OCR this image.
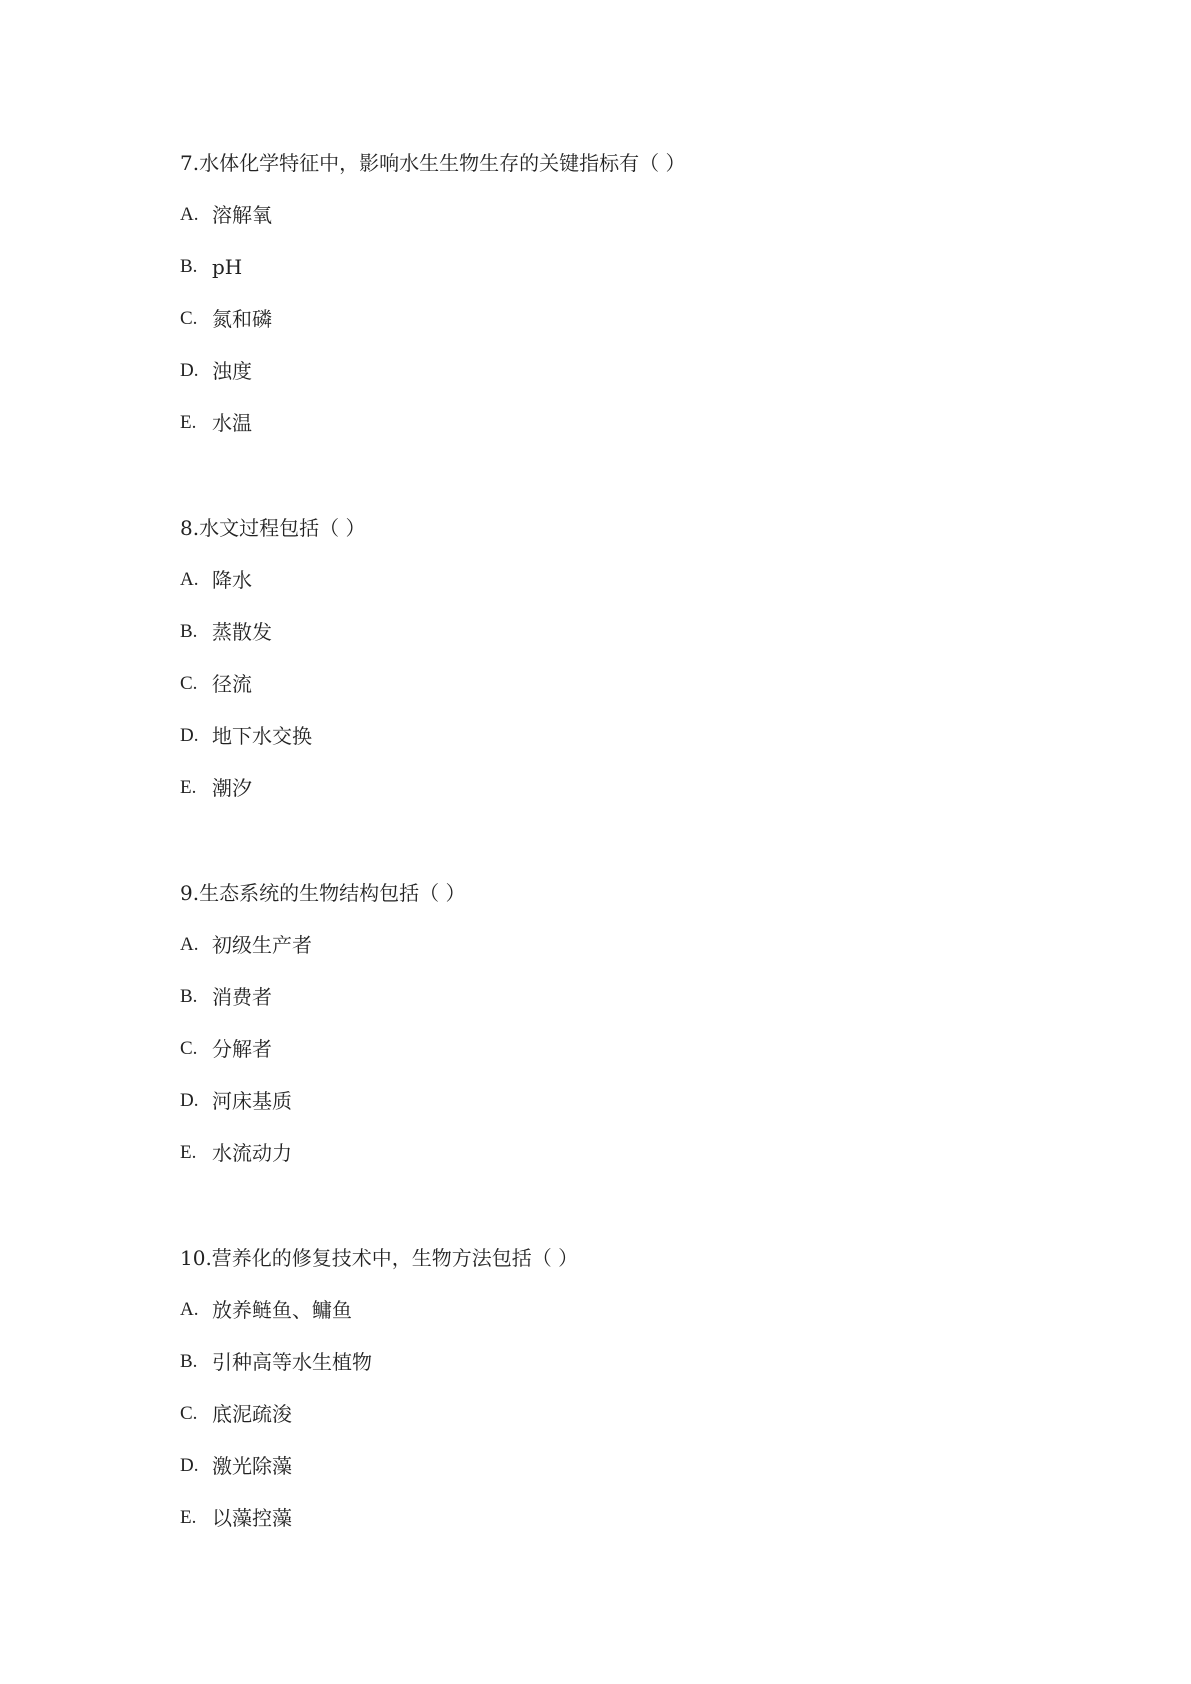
7.水体化学特征中，影响水生生物生存的关键指标有（ ）
A. 溶解氧
B. pH
C. 氮和磷
D. 浊度
E. 水温
8.水文过程包括（ ）
A. 降水
B. 蒸散发
C. 径流
D. 地下水交换
E. 潮汐
9.生态系统的生物结构包括（ ）
A. 初级生产者
B. 消费者
C. 分解者
D. 河床基质
E. 水流动力
10.营养化的修复技术中，生物方法包括（ ）
A. 放养鲢鱼、鳙鱼
B. 引种高等水生植物
C. 底泥疏浚
D. 激光除藻
E. 以藻控藻
